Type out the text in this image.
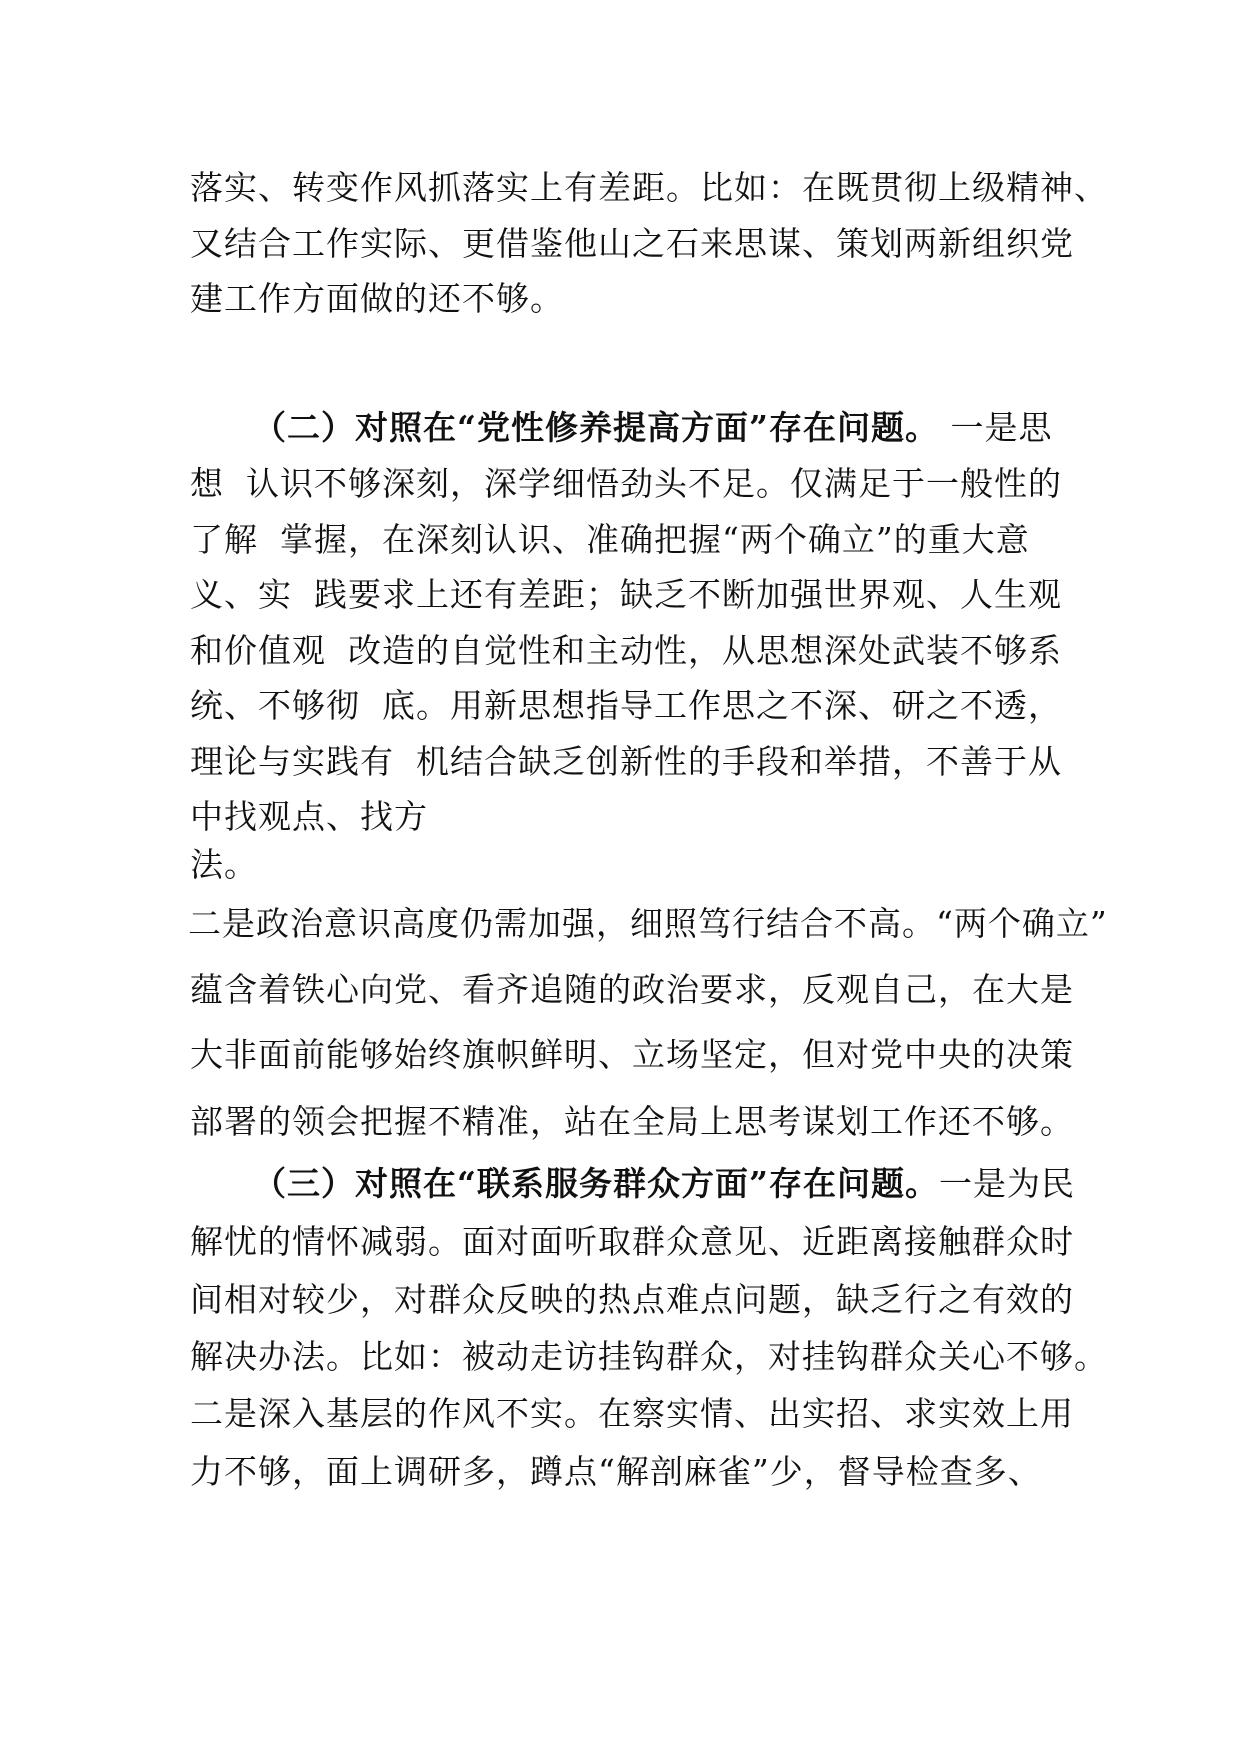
落实、转变作风抓落实上有差距。比如：在既贯彻上级精神、
又结合工作实际、更借鉴他山之石来思谋、策划两新组织党
建工作方面做的还不够。
（二）对照在“党性修养提高方面”存在问题。 一是思
想 认识不够深刻，深学细悟劲头不足。仅满足于一般性的
了解 掌握，在深刻认识、准确把握“两个确立”的重大意
义、实 践要求上还有差距；缺乏不断加强世界观、人生观
和价值观 改造的自觉性和主动性，从思想深处武装不够系
统、不够彻 底。用新思想指导工作思之不深、研之不透，
理论与实践有 机结合缺乏创新性的手段和举措，不善于从
中找观点、找方
法。
二是政治意识高度仍需加强，细照笃行结合不高。“两个确立”
蕴含着铁心向党、看齐追随的政治要求，反观自己，在大是
大非面前能够始终旗帜鲜明、立场坚定，但对党中央的决策
部署的领会把握不精准，站在全局上思考谋划工作还不够。
（三）对照在“联系服务群众方面”存在问题。一是为民
解忧的情怀减弱。面对面听取群众意见、近距离接触群众时
间相对较少，对群众反映的热点难点问题，缺乏行之有效的
解决办法。比如：被动走访挂钩群众，对挂钩群众关心不够。
二是深入基层的作风不实。在察实情、出实招、求实效上用
力不够，面上调研多，蹲点“解剖麻雀”少，督导检查多、
